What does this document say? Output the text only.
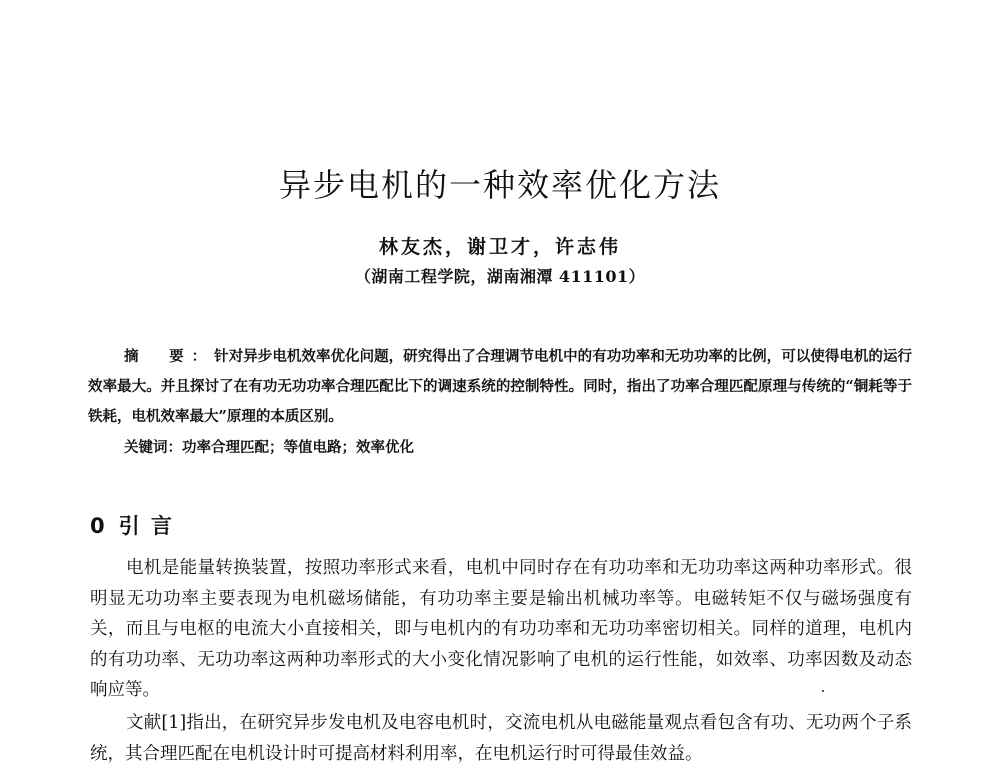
异步电机的一种效率优化方法
林友杰，谢卫才，许志伟
（湖南工程学院，湖南湘潭 411101）

摘　要：针对异步电机效率优化问题，研究得出了合理调节电机中的有功功率和无功功率的比例，可以使得电机的运行效率最大。并且探讨了在有功无功功率合理匹配比下的调速系统的控制特性。同时，指出了功率合理匹配原理与传统的“铜耗等于铁耗，电机效率最大”原理的本质区别。

关键词：功率合理匹配；等值电路；效率优化
0 引 言

电机是能量转换装置，按照功率形式来看，电机中同时存在有功功率和无功功率这两种功率形式。很明显无功功率主要表现为电机磁场储能，有功功率主要是输出机械功率等。电磁转矩不仅与磁场强度有关，而且与电枢的电流大小直接相关，即与电机内的有功功率和无功功率密切相关。同样的道理，电机内的有功功率、无功功率这两种功率形式的大小变化情况影响了电机的运行性能，如效率、功率因数及动态响应等。

文献[1]指出，在研究异步发电机及电容电机时，交流电机从电磁能量观点看包含有功、无功两个子系统，其合理匹配在电机设计时可提高材料利用率，在电机运行时可得最佳效益。
